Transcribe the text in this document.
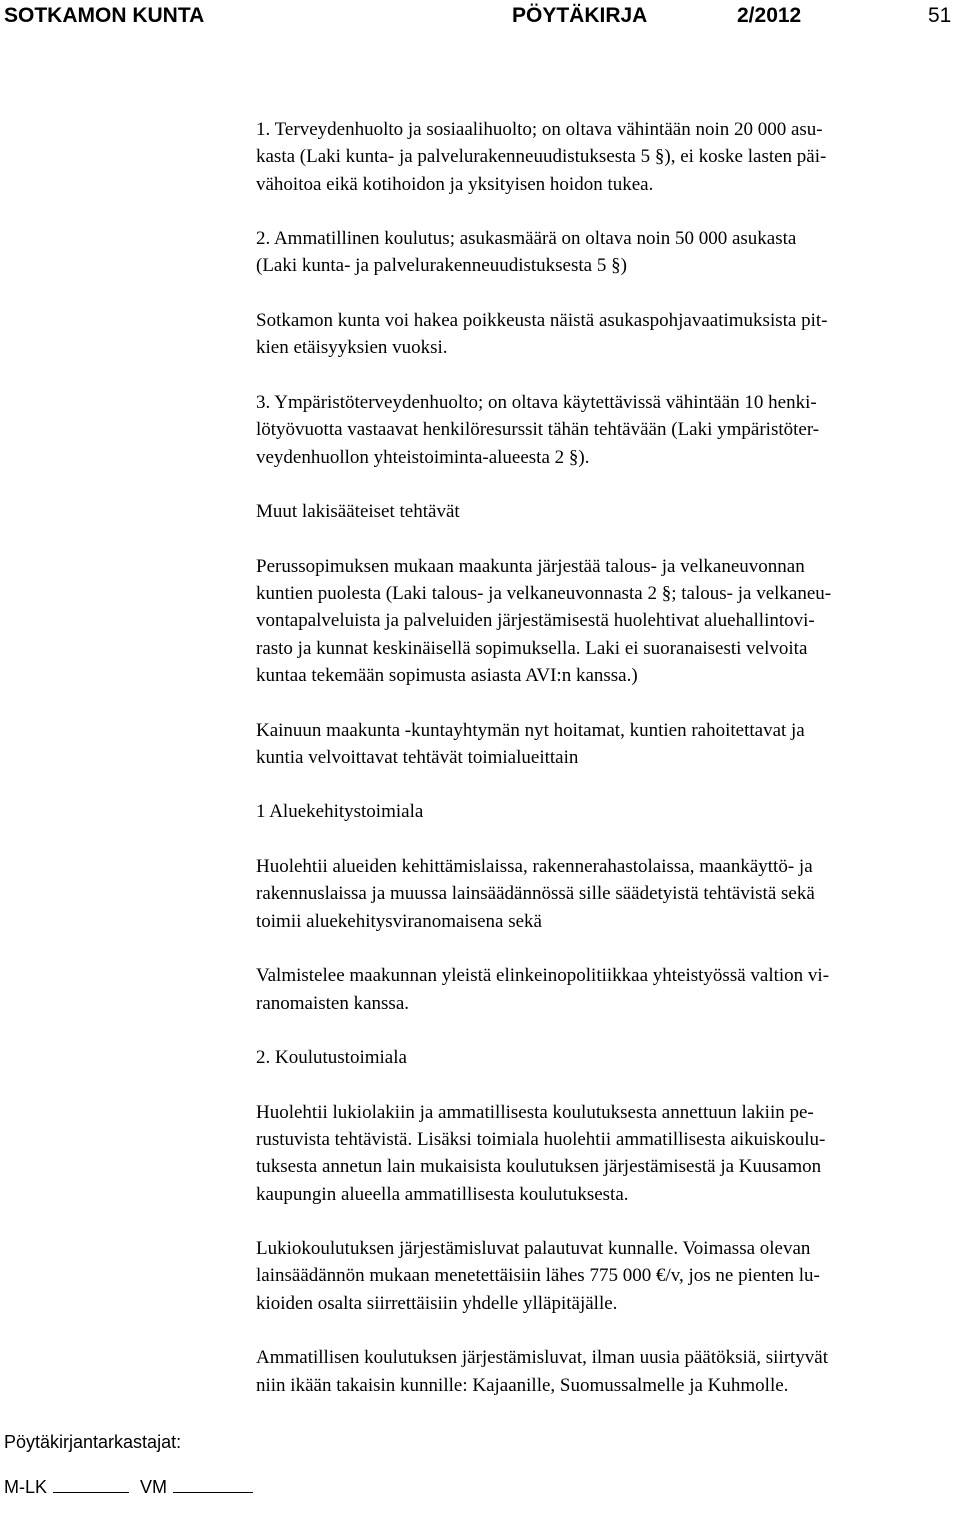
SOTKAMON KUNTA	PÖYTÄKIRJA	2/2012	51

1. Terveydenhuolto ja sosiaalihuolto; on oltava vähintään noin 20 000 asu-
kasta (Laki kunta- ja palvelurakenneuudistuksesta 5 §), ei koske lasten päi-
vähoitoa eikä kotihoidon ja yksityisen hoidon tukea.

2. Ammatillinen koulutus; asukasmäärä on oltava noin 50 000 asukasta
(Laki kunta- ja palvelurakenneuudistuksesta 5 §)

Sotkamon kunta voi hakea poikkeusta näistä asukaspohjavaatimuksista pit-
kien etäisyyksien vuoksi.

3. Ympäristöterveydenhuolto; on oltava käytettävissä vähintään 10 henki-
lötyövuotta vastaavat henkilöresurssit tähän tehtävään (Laki ympäristöter-
veydenhuollon yhteistoiminta-alueesta 2 §).

Muut lakisääteiset tehtävät

Perussopimuksen mukaan maakunta järjestää talous- ja velkaneuvonnan
kuntien puolesta (Laki talous- ja velkaneuvonnasta 2 §; talous- ja velkaneu-
vontapalveluista ja palveluiden järjestämisestä huolehtivat aluehallintovi-
rasto ja kunnat keskinäisellä sopimuksella. Laki ei suoranaisesti velvoita
kuntaa tekemään sopimusta asiasta AVI:n kanssa.)

Kainuun maakunta -kuntayhtymän nyt hoitamat, kuntien rahoitettavat ja
kuntia velvoittavat tehtävät toimialueittain

1 Aluekehitystoimiala

Huolehtii alueiden kehittämislaissa, rakennerahastolaissa, maankäyttö- ja
rakennuslaissa ja muussa lainsäädännössä sille säädetyistä tehtävistä sekä
toimii aluekehitysviranomaisena sekä

Valmistelee maakunnan yleistä elinkeinopolitiikkaa yhteistyössä valtion vi-
ranomaisten kanssa.

2. Koulutustoimiala

Huolehtii lukiolakiin ja ammatillisesta koulutuksesta annettuun lakiin pe-
rustuvista tehtävistä. Lisäksi toimiala huolehtii ammatillisesta aikuiskoulu-
tuksesta annetun lain mukaisista koulutuksen järjestämisestä ja Kuusamon
kaupungin alueella ammatillisesta koulutuksesta.

Lukiokoulutuksen järjestämisluvat palautuvat kunnalle. Voimassa olevan
lainsäädännön mukaan menetettäisiin lähes 775 000 €/v, jos ne pienten lu-
kioiden osalta siirrettäisiin yhdelle ylläpitäjälle.

Ammatillisen koulutuksen järjestämisluvat, ilman uusia päätöksiä, siirtyvät
niin ikään takaisin kunnille: Kajaanille, Suomussalmelle ja Kuhmolle.

Pöytäkirjantarkastajat:
M-LK	VM
